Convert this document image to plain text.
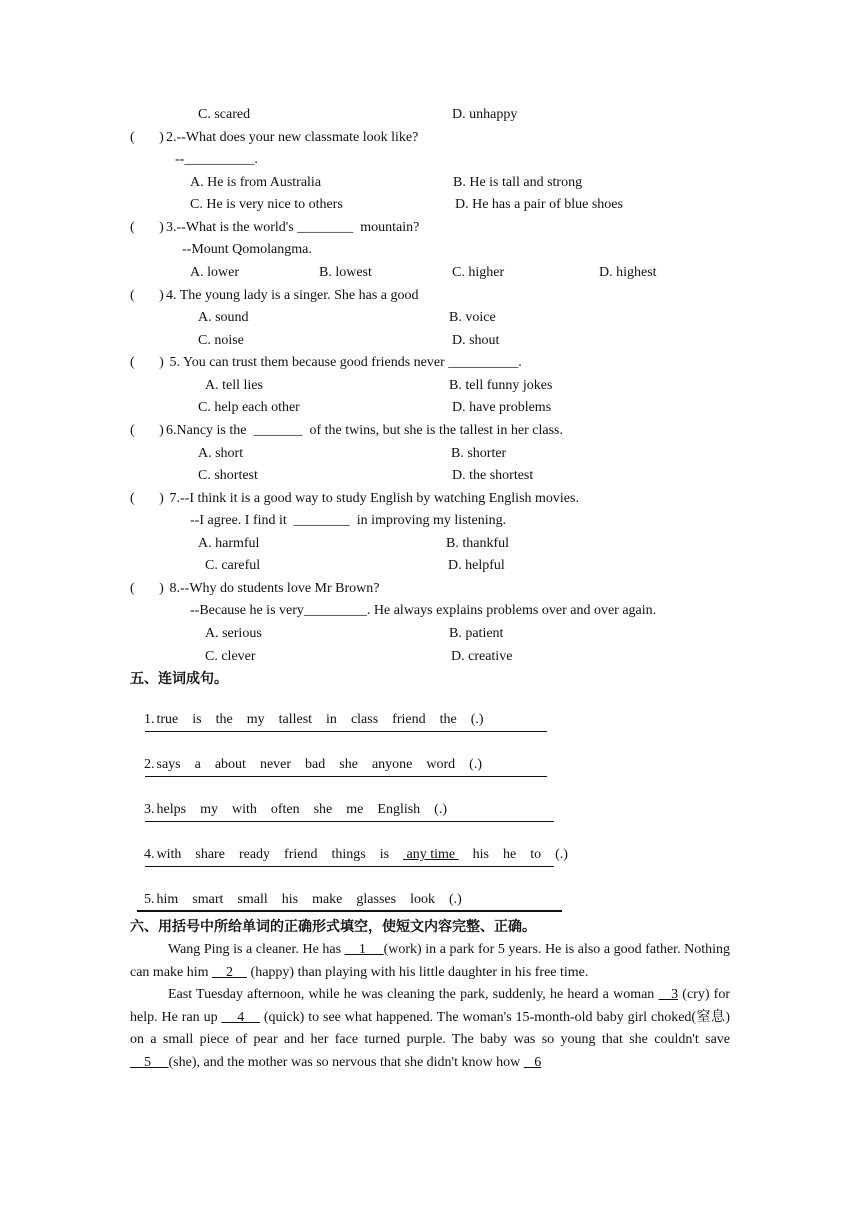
C. scared	D. unhappy
(       ) 2.--What does your new classmate look like?
--__________.
A. He is from Australia	B. He is tall and strong
C. He is very nice to others	D. He has a pair of blue shoes
(       ) 3.--What is the world's ________ mountain?
--Mount Qomolangma.
A. lower	B. lowest	C. higher	D. highest
(       ) 4. The young lady is a singer. She has a good
A. sound	B. voice
C. noise	D. shout
(       ) 5. You can trust them because good friends never __________.
A. tell lies	B. tell funny jokes
C. help each other	D. have problems
(       ) 6.Nancy is the _______ of the twins, but she is the tallest in her class.
A. short	B. shorter
C. shortest	D. the shortest
(       ) 7.--I think it is a good way to study English by watching English movies.
--I agree. I find it ________ in improving my listening.
A. harmful	B. thankful
C. careful	D. helpful
(       ) 8.--Why do students love Mr Brown?
--Because he is very_________. He always explains problems over and over again.
A. serious	B. patient
C. clever	D. creative
五、连词成句。

1. true is the my tallest in class friend the (.)

2. says a about never bad she anyone word (.)

3. helps my with often she me English (.)

4. with share ready friend things is any time his he to (.)

5. him smart small his make glasses look (.)

六、用括号中所给单词的正确形式填空，使短文内容完整、正确。

Wang Ping is a cleaner. He has     1     (work) in a park for 5 years. He is also a good father. Nothing can make him     2     (happy) than playing with his little daughter in his free time.

East Tuesday afternoon, while he was cleaning the park, suddenly, he heard a woman    3 (cry) for help. He ran up     4     (quick) to see what happened. The woman's 15-month-old baby girl choked(窒息) on a small piece of pear and her face turned purple. The baby was so young that she couldn't save     5     (she), and the mother was so nervous that she didn't know how    6
